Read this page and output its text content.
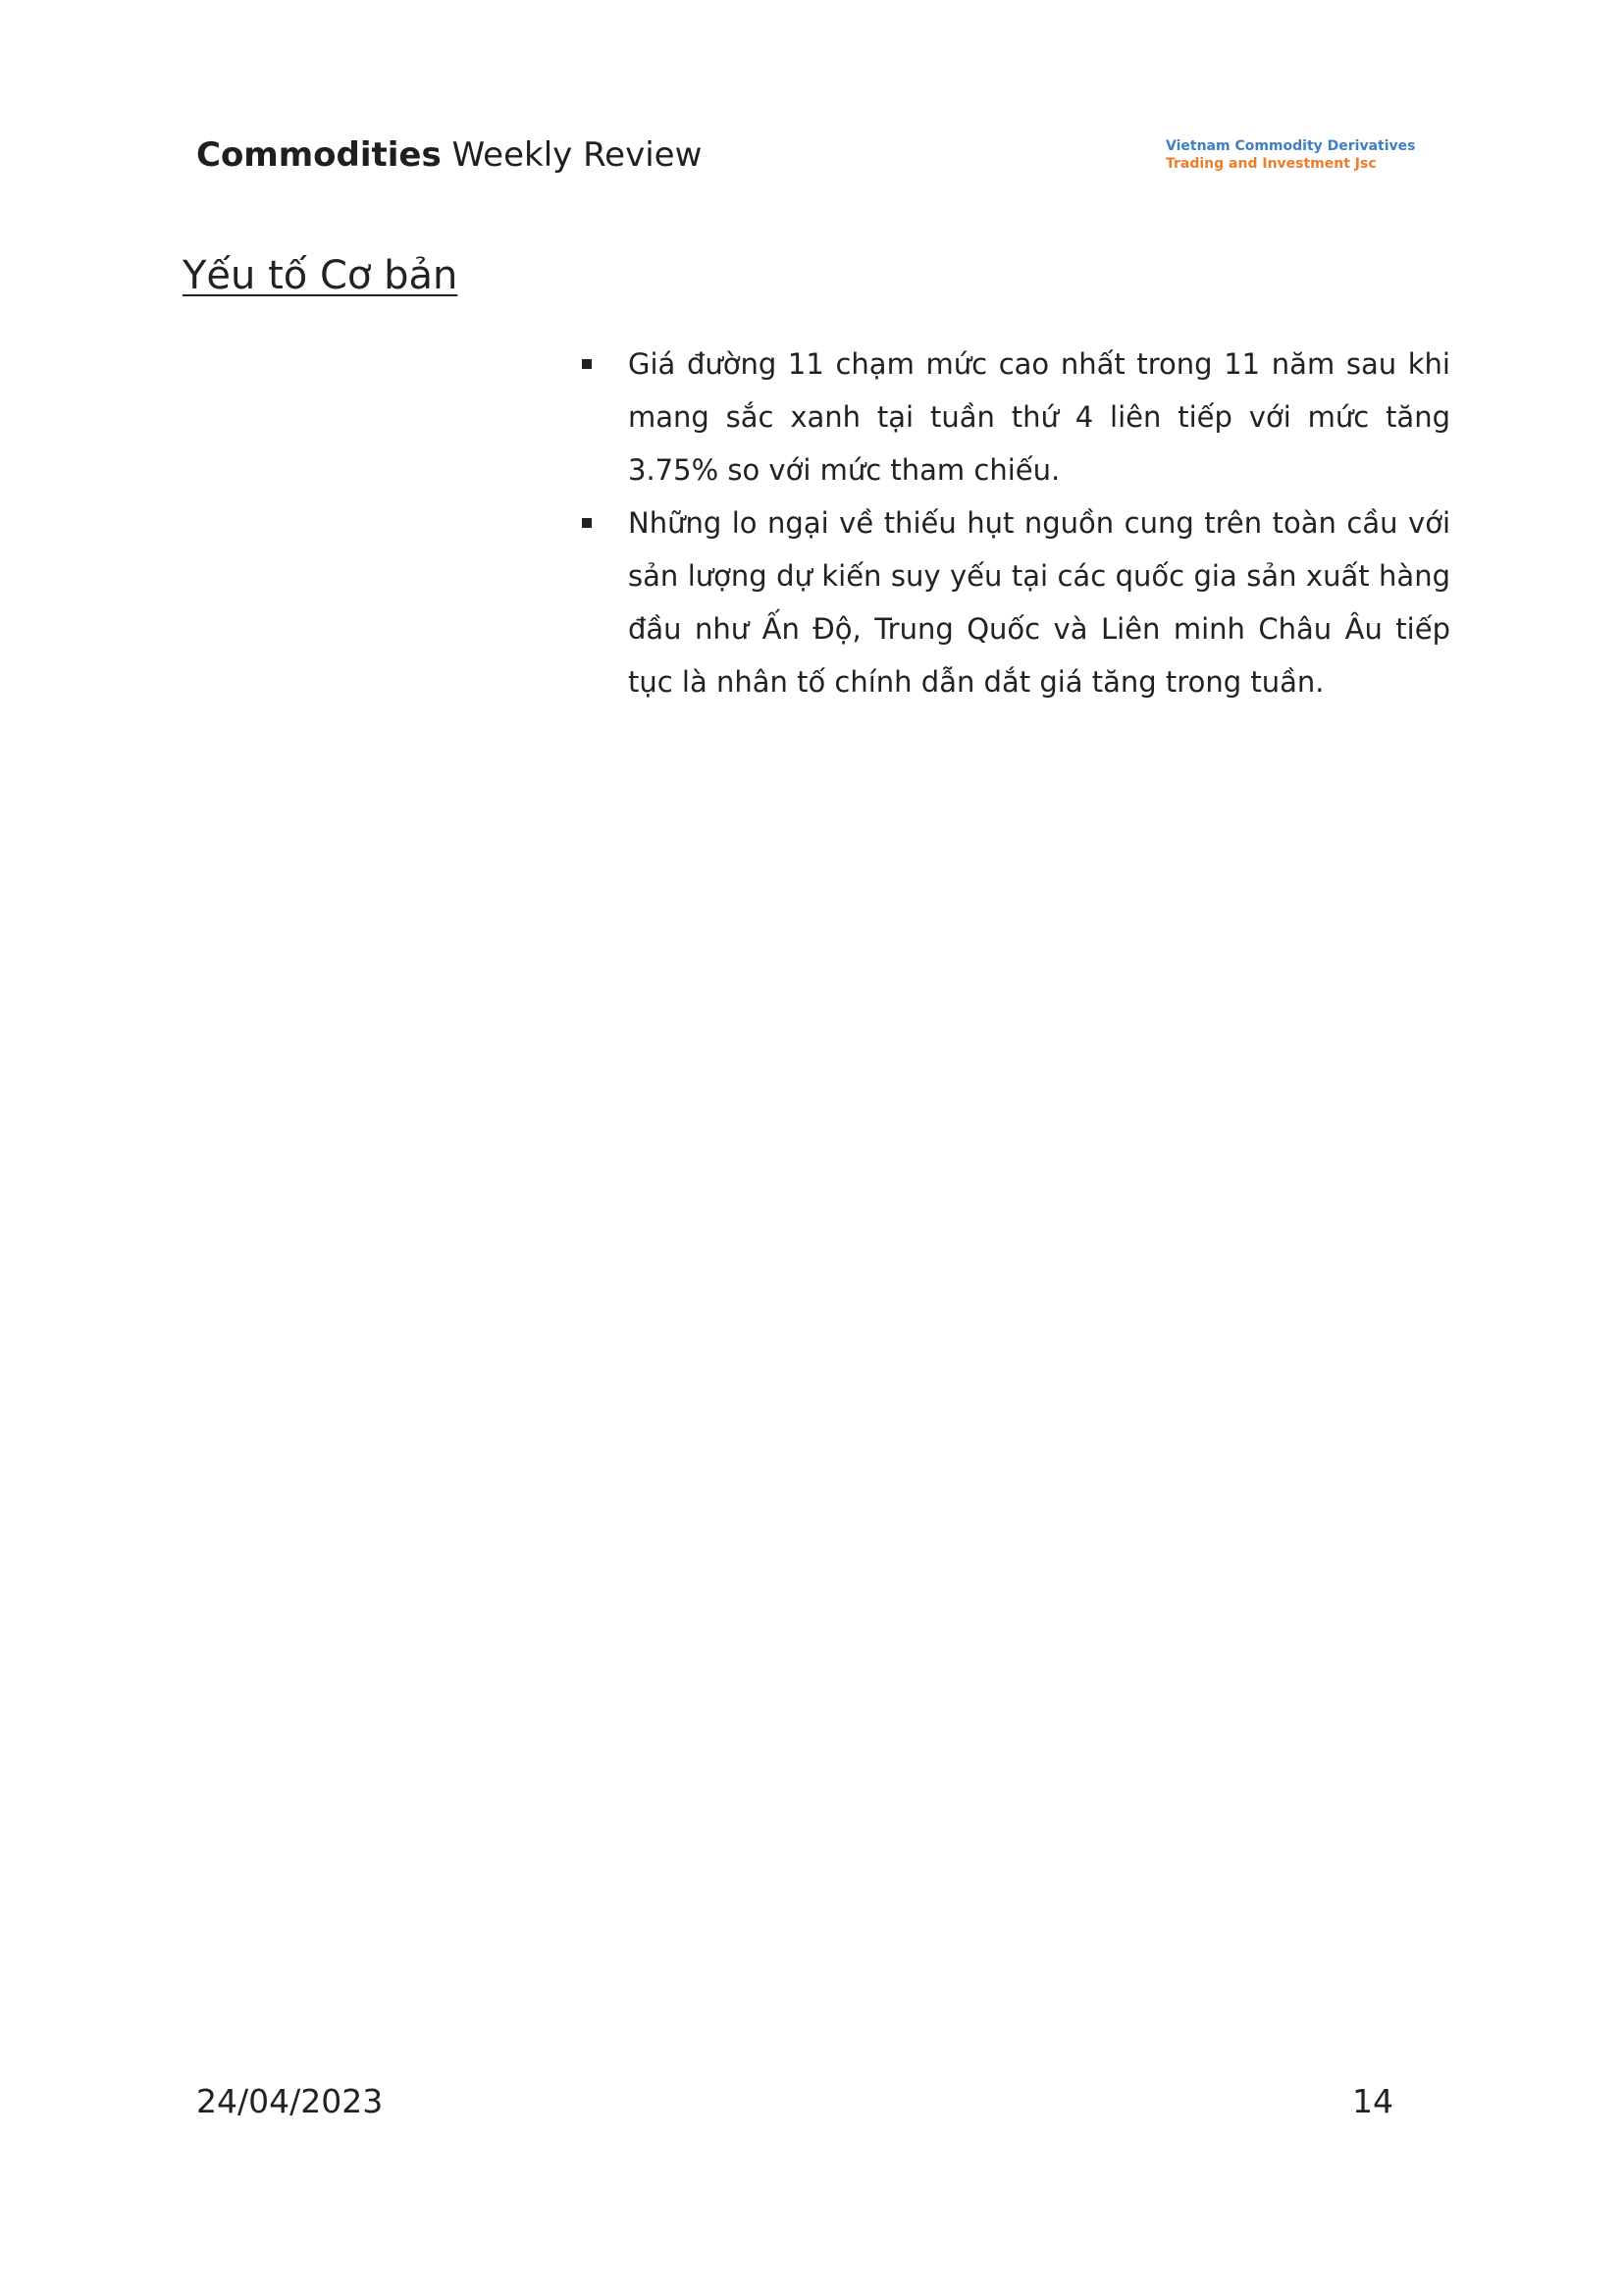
Commodities Weekly Review	Vietnam Commodity Derivatives
Trading and Investment Jsc
Yếu tố Cơ bản
Giá đường 11 chạm mức cao nhất trong 11 năm sau khi mang sắc xanh tại tuần thứ 4 liên tiếp với mức tăng 3.75% so với mức tham chiếu.
Những lo ngại về thiếu hụt nguồn cung trên toàn cầu với sản lượng dự kiến suy yếu tại các quốc gia sản xuất hàng đầu như Ấn Độ, Trung Quốc và Liên minh Châu Âu tiếp tục là nhân tố chính dẫn dắt giá tăng trong tuần.
24/04/2023	14
